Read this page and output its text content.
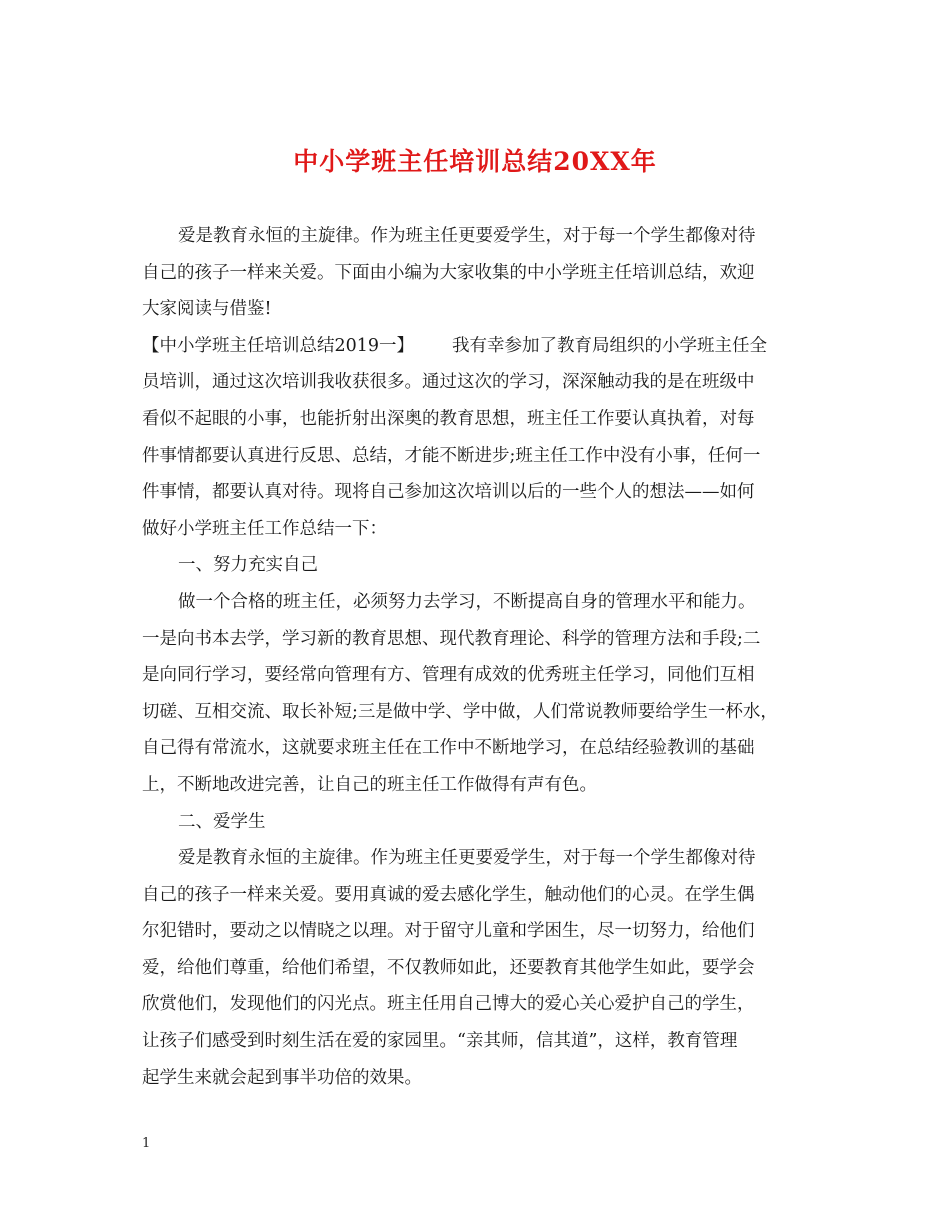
中小学班主任培训总结20XX年
爱是教育永恒的主旋律。作为班主任更要爱学生，对于每一个学生都像对待
自己的孩子一样来关爱。下面由小编为大家收集的中小学班主任培训总结，欢迎
大家阅读与借鉴!
【中小学班主任培训总结2019一】 我有幸参加了教育局组织的小学班主任全
员培训，通过这次培训我收获很多。通过这次的学习，深深触动我的是在班级中
看似不起眼的小事，也能折射出深奥的教育思想，班主任工作要认真执着，对每
件事情都要认真进行反思、总结，才能不断进步;班主任工作中没有小事，任何一
件事情，都要认真对待。现将自己参加这次培训以后的一些个人的想法——如何
做好小学班主任工作总结一下：
一、努力充实自己
做一个合格的班主任，必须努力去学习，不断提高自身的管理水平和能力。
一是向书本去学，学习新的教育思想、现代教育理论、科学的管理方法和手段;二
是向同行学习，要经常向管理有方、管理有成效的优秀班主任学习，同他们互相
切磋、互相交流、取长补短;三是做中学、学中做，人们常说教师要给学生一杯水，
自己得有常流水，这就要求班主任在工作中不断地学习，在总结经验教训的基础
上，不断地改进完善，让自己的班主任工作做得有声有色。
二、爱学生
爱是教育永恒的主旋律。作为班主任更要爱学生，对于每一个学生都像对待
自己的孩子一样来关爱。要用真诚的爱去感化学生，触动他们的心灵。在学生偶
尔犯错时，要动之以情晓之以理。对于留守儿童和学困生，尽一切努力，给他们
爱，给他们尊重，给他们希望，不仅教师如此，还要教育其他学生如此，要学会
欣赏他们，发现他们的闪光点。班主任用自己博大的爱心关心爱护自己的学生，
让孩子们感受到时刻生活在爱的家园里。“亲其师，信其道”，这样，教育管理
起学生来就会起到事半功倍的效果。
1
